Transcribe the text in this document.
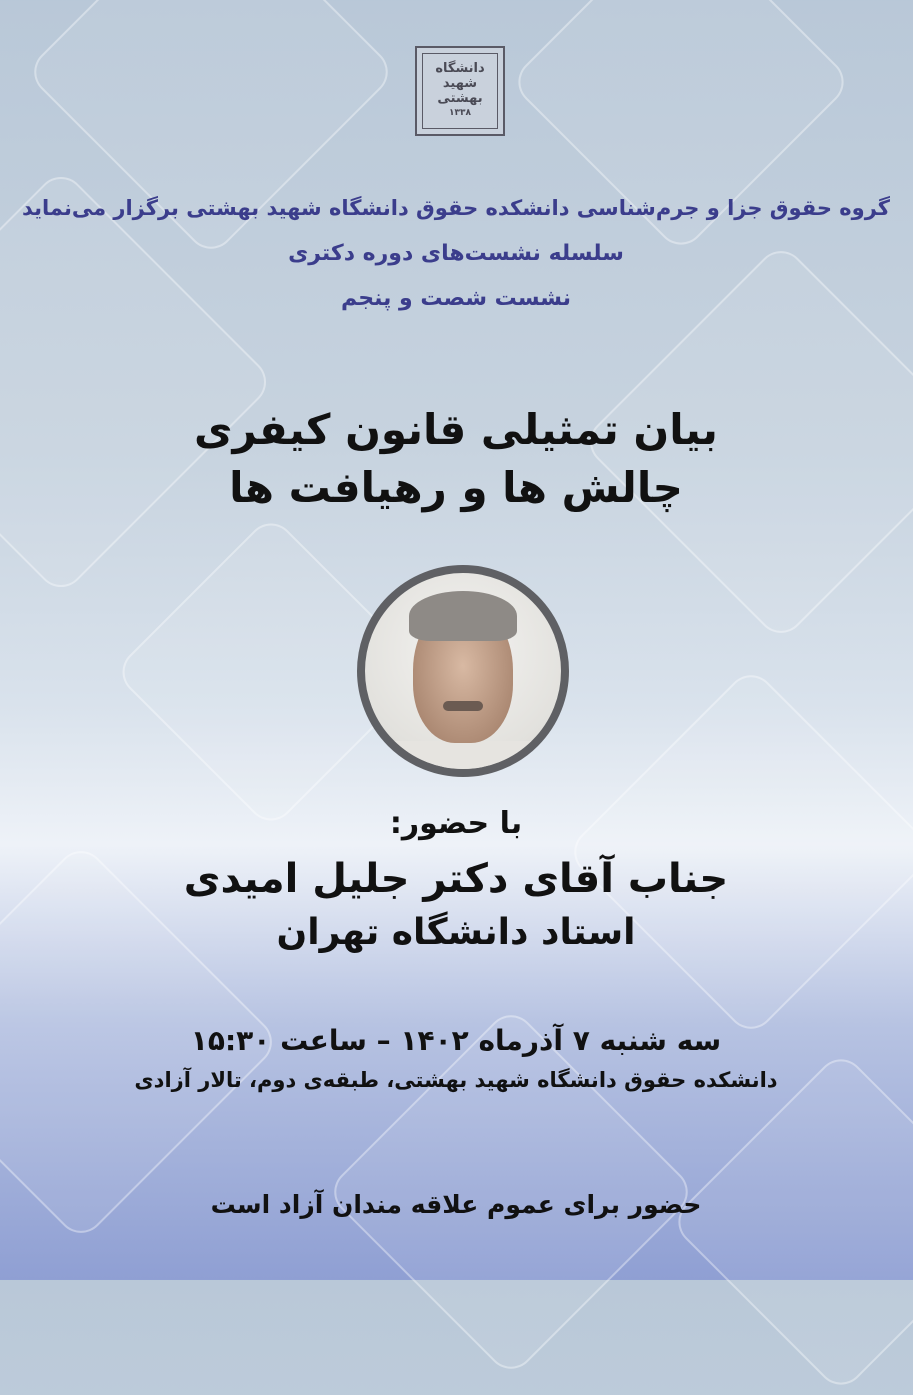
دانشگاه
شهید
بهشتی
۱۳۳۸
گروه حقوق جزا و جرم‌شناسی دانشکده حقوق دانشگاه شهید بهشتی برگزار می‌نماید
سلسله نشست‌های دوره دکتری
نشست شصت و پنجم
بیان تمثیلی قانون کیفری
چالش ها و رهیافت ها
با حضور:
جناب آقای دکتر جلیل امیدی
استاد دانشگاه تهران
سه شنبه ۷ آذرماه ۱۴۰۲ – ساعت ۱۵:۳۰
دانشکده حقوق دانشگاه شهید بهشتی، طبقه‌ی دوم، تالار آزادی
حضور برای عموم علاقه مندان آزاد است
